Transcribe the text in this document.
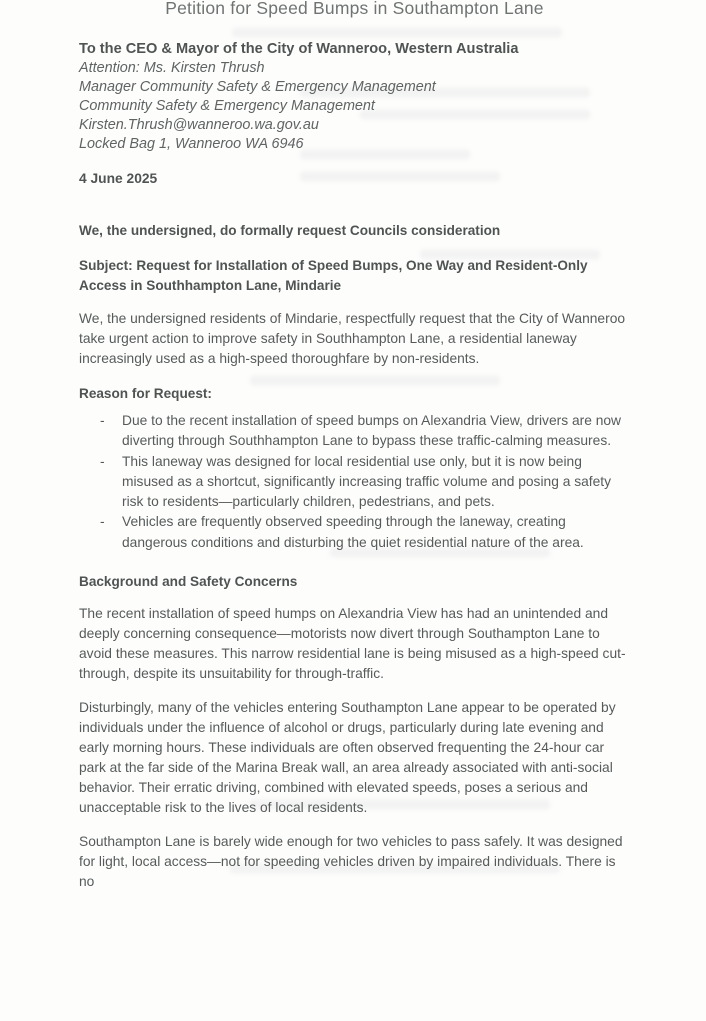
Petition for Speed Bumps in Southampton Lane
To the CEO & Mayor of the City of Wanneroo, Western Australia
Attention: Ms. Kirsten Thrush
Manager Community Safety & Emergency Management
Community Safety & Emergency Management
Kirsten.Thrush@wanneroo.wa.gov.au
Locked Bag 1, Wanneroo WA 6946
4 June 2025
We, the undersigned, do formally request Councils consideration
Subject: Request for Installation of Speed Bumps, One Way and Resident-Only Access in Southhampton Lane, Mindarie

We, the undersigned residents of Mindarie, respectfully request that the City of Wanneroo take urgent action to improve safety in Southhampton Lane, a residential laneway increasingly used as a high-speed thoroughfare by non-residents.

Reason for Request:
-	Due to the recent installation of speed bumps on Alexandria View, drivers are now diverting through Southhampton Lane to bypass these traffic-calming measures.
-	This laneway was designed for local residential use only, but it is now being misused as a shortcut, significantly increasing traffic volume and posing a safety risk to residents—particularly children, pedestrians, and pets.
-	Vehicles are frequently observed speeding through the laneway, creating dangerous conditions and disturbing the quiet residential nature of the area.
Background and Safety Concerns

The recent installation of speed humps on Alexandria View has had an unintended and deeply concerning consequence—motorists now divert through Southampton Lane to avoid these measures. This narrow residential lane is being misused as a high-speed cut-through, despite its unsuitability for through-traffic.

Disturbingly, many of the vehicles entering Southampton Lane appear to be operated by individuals under the influence of alcohol or drugs, particularly during late evening and early morning hours. These individuals are often observed frequenting the 24-hour car park at the far side of the Marina Break wall, an area already associated with anti-social behavior. Their erratic driving, combined with elevated speeds, poses a serious and unacceptable risk to the lives of local residents.

Southampton Lane is barely wide enough for two vehicles to pass safely. It was designed for light, local access—not for speeding vehicles driven by impaired individuals. There is no
